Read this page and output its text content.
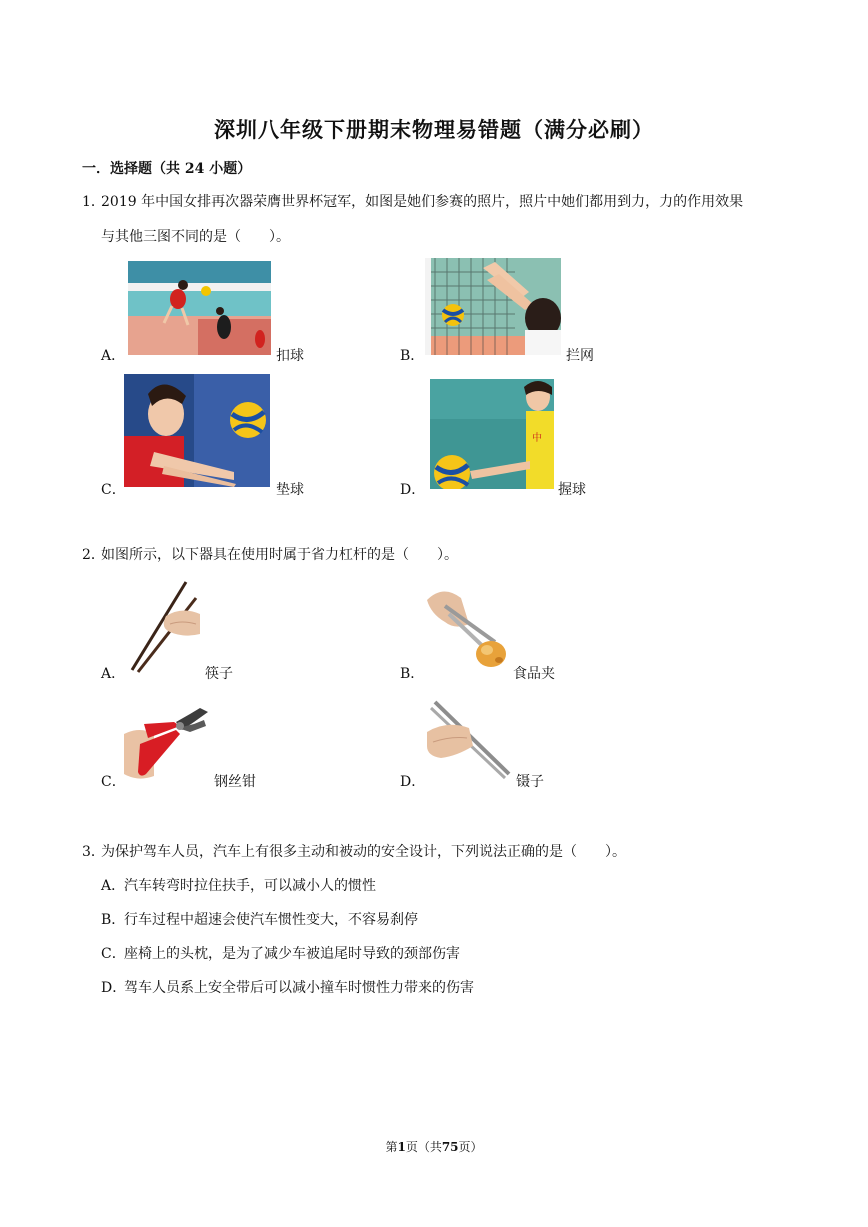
深圳八年级下册期末物理易错题（满分必刷）
一．选择题（共 24 小题）
1．
2019 年中国女排再次器荣膺世界杯冠军，如图是她们参赛的照片，照片中她们都用到力，力的作用效果
与其他三图不同的是（　　）。
A．	扣球	B．	拦网
C．	垫球
中
D．	握球
2．
如图所示，以下器具在使用时属于省力杠杆的是（　　）。
A．	筷子	B．	食品夹
C．	钢丝钳	D．	镊子
3．
为保护驾车人员，汽车上有很多主动和被动的安全设计，下列说法正确的是（　　）。
A．
汽车转弯时拉住扶手，可以减小人的惯性
B．
行车过程中超速会使汽车惯性变大，不容易刹停
C．
座椅上的头枕，是为了减少车被追尾时导致的颈部伤害
D．
驾车人员系上安全带后可以减小撞车时惯性力带来的伤害
第1页（共75页）
